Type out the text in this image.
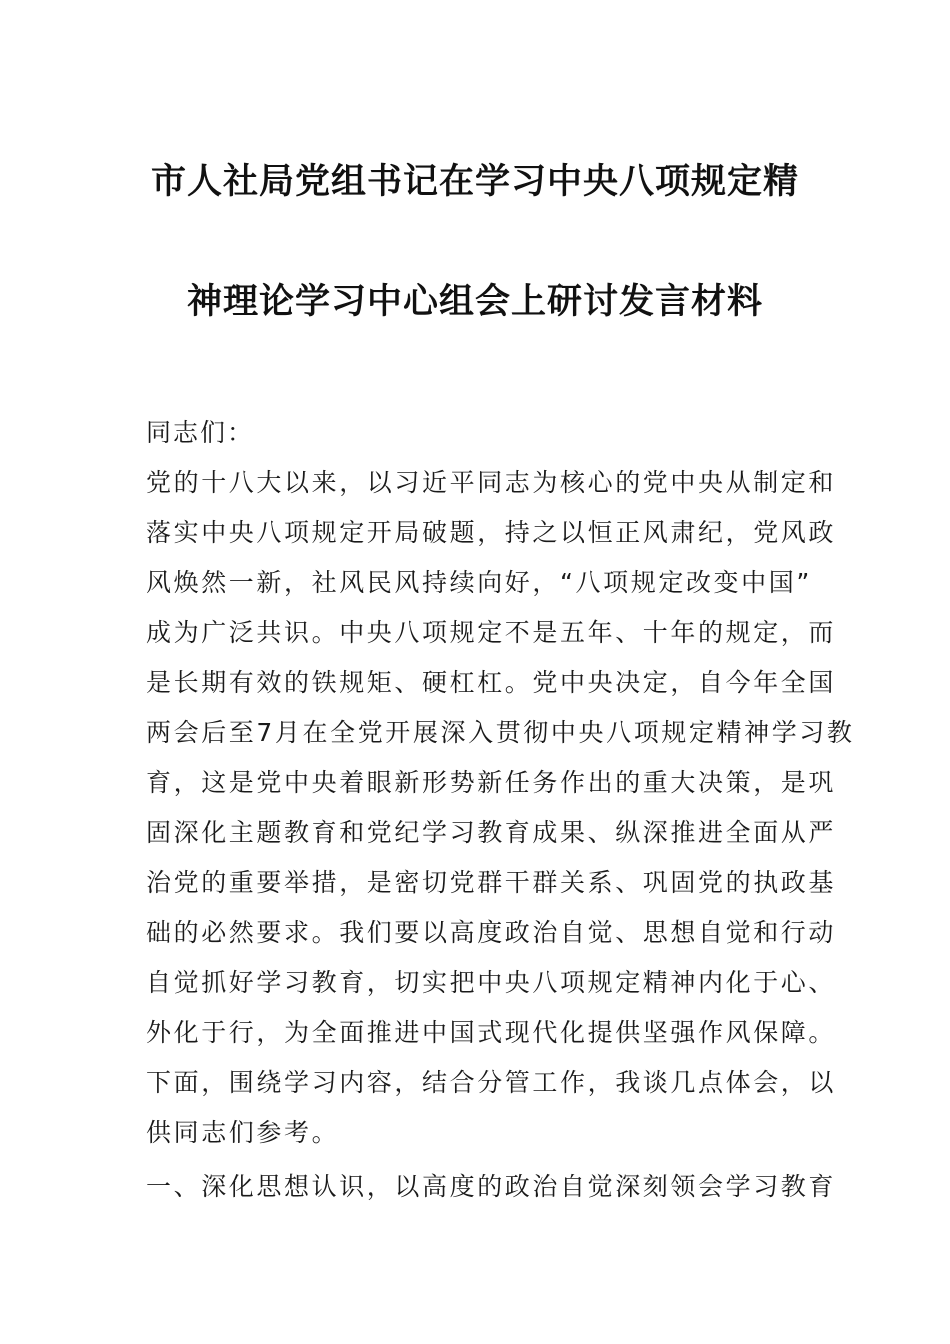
市人社局党组书记在学习中央八项规定精
神理论学习中心组会上研讨发言材料
同志们：
党的十八大以来，以习近平同志为核心的党中央从制定和
落实中央八项规定开局破题，持之以恒正风肃纪，党风政
风焕然一新，社风民风持续向好，“八项规定改变中国”
成为广泛共识。中央八项规定不是五年、十年的规定，而
是长期有效的铁规矩、硬杠杠。党中央决定，自今年全国
两会后至7月在全党开展深入贯彻中央八项规定精神学习教
育，这是党中央着眼新形势新任务作出的重大决策，是巩
固深化主题教育和党纪学习教育成果、纵深推进全面从严
治党的重要举措，是密切党群干群关系、巩固党的执政基
础的必然要求。我们要以高度政治自觉、思想自觉和行动
自觉抓好学习教育，切实把中央八项规定精神内化于心、
外化于行，为全面推进中国式现代化提供坚强作风保障。
下面，围绕学习内容，结合分管工作，我谈几点体会，以
供同志们参考。
一、深化思想认识，以高度的政治自觉深刻领会学习教育
